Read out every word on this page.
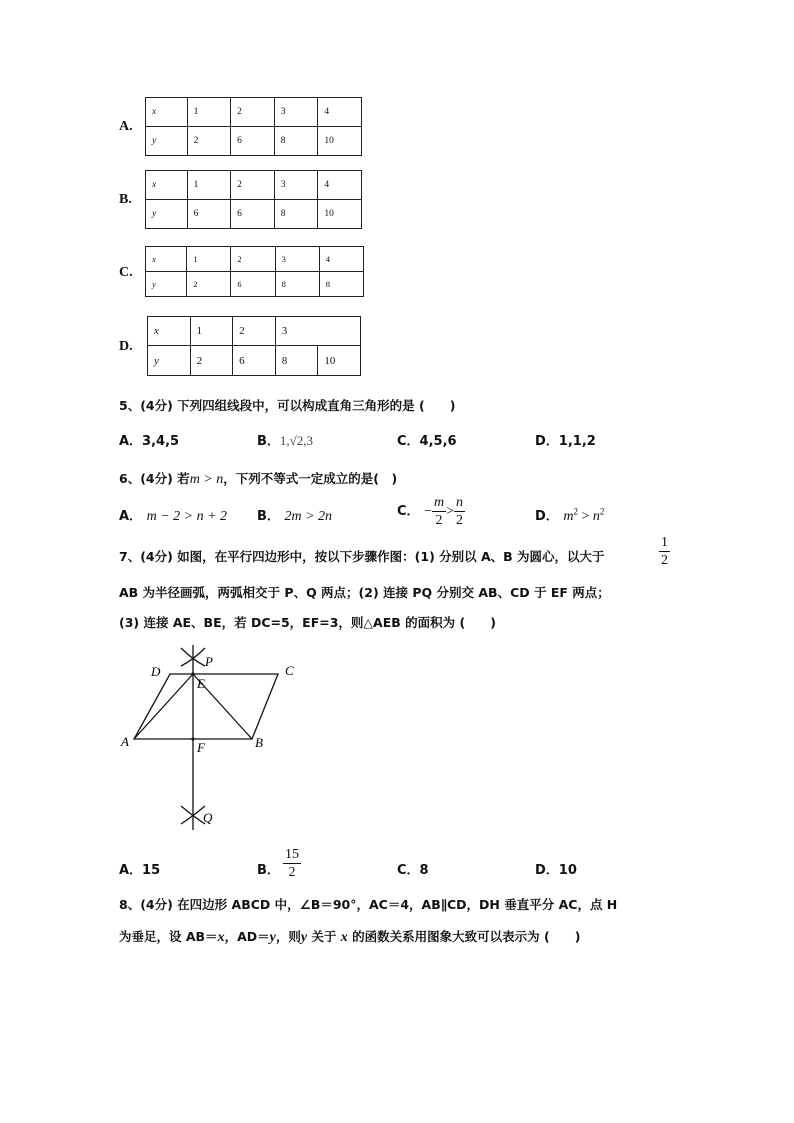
A.
x	1	2	3	4
y	2	6	8	10
B.
x	1	2	3	4
y	6	6	8	10
C.
x	1	2	3	4
y	2	6	8	8
D.
x	1	2	3	
y	2	6	8	10
5、(4分) 下列四组线段中，可以构成直角三角形的是 (　　)
A．3,4,5	B．1,√2,3	C．4,5,6	D．1,1,2
6、(4分) 若m > n，下列不等式一定成立的是(　)
A． m − 2 > n + 2 B． 2m > 2n	C． − $\frac{m}{2} > \frac{n}{2}$	D． $m^2 > n^2$
7、(4分) 如图，在平行四边形中，按以下步骤作图：(1) 分别以 A、B 为圆心，以大于	$\frac{1}{2}$
AB 为半径画弧，两弧相交于 P、Q 两点；(2) 连接 PQ 分别交 AB、CD 于 EF 两点；
(3) 连接 AE、BE，若 DC=5，EF=3，则△AEB 的面积为 (　　)
D
P
C
E
A	F	B
Q
A．15	B． $\frac{15}{2}$	C．8	D．10
8、(4分) 在四边形 ABCD 中，∠B＝90°，AC＝4，AB∥CD，DH 垂直平分 AC，点 H
为垂足，设 AB＝x，AD＝y，则y 关于 x 的函数关系用图象大致可以表示为 (　　)
